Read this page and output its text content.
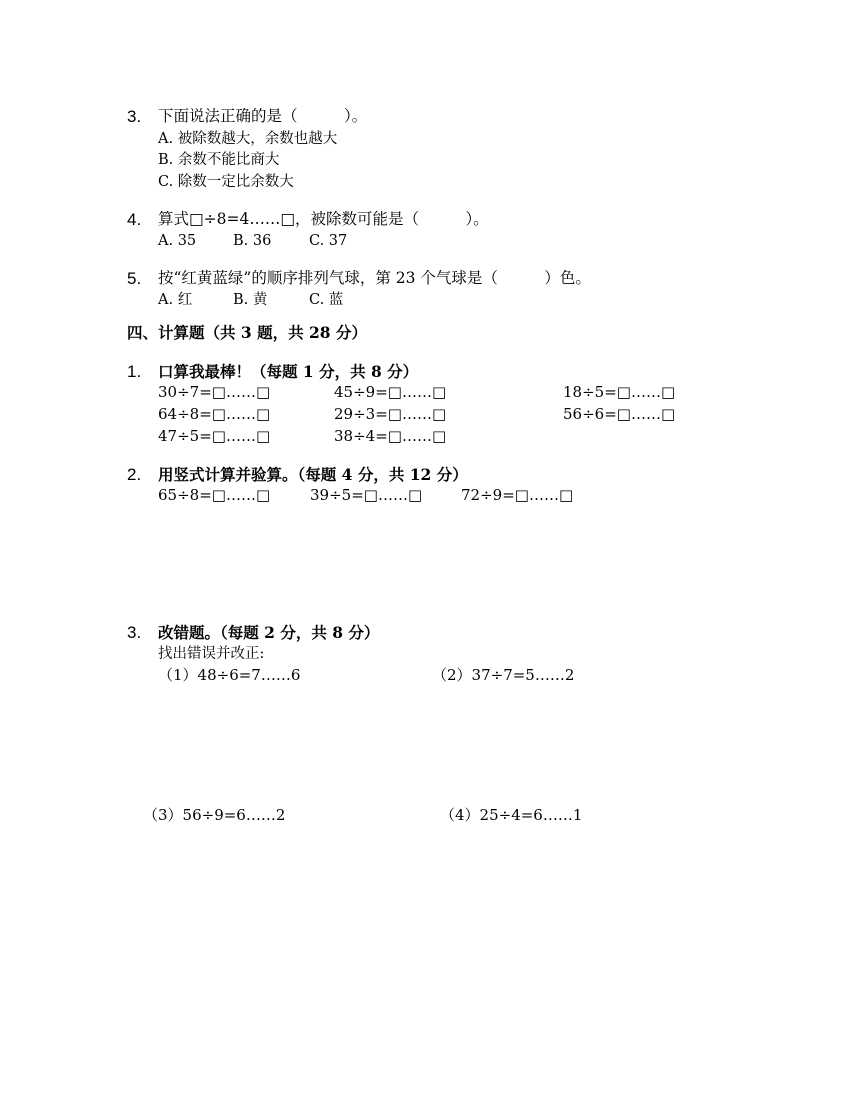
3. 下面说法正确的是（　　　）。
A. 被除数越大，余数也越大
B. 余数不能比商大
C. 除数一定比余数大
4. 算式□÷8=4……□，被除数可能是（　　　）。
A. 35	B. 36	C. 37
5. 按“红黄蓝绿”的顺序排列气球，第 23 个气球是（　　　）色。
A. 红	B. 黄	C. 蓝
四、计算题（共 3 题，共 28 分）
1. 口算我最棒！（每题 1 分，共 8 分）
30÷7=□……□	45÷9=□……□	18÷5=□……□
64÷8=□……□	29÷3=□……□	56÷6=□……□
47÷5=□……□	38÷4=□……□
2. 用竖式计算并验算。（每题 4 分，共 12 分）
65÷8=□……□	39÷5=□……□	72÷9=□……□
3. 改错题。（每题 2 分，共 8 分）
找出错误并改正:
（1）48÷6=7……6	（2）37÷7=5……2
（3）56÷9=6……2	（4）25÷4=6……1
